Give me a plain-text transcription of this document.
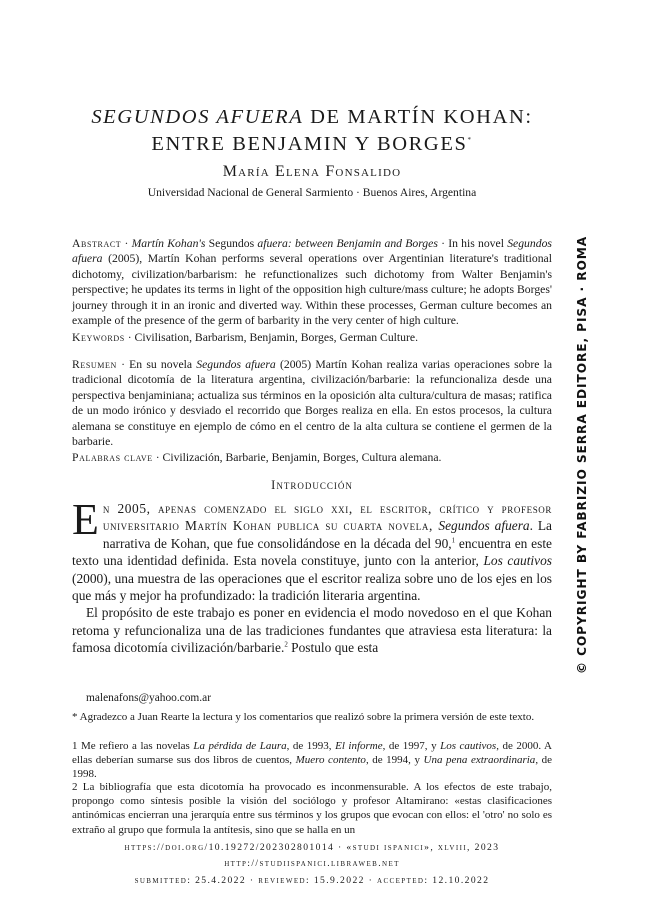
SEGUNDOS AFUERA DE MARTÍN KOHAN:
ENTRE BENJAMIN Y BORGES*
María Elena Fonsalido
Universidad Nacional de General Sarmiento · Buenos Aires, Argentina
Abstract · Martín Kohan's Segundos afuera: between Benjamin and Borges · In his novel Segundos afuera (2005), Martín Kohan performs several operations over Argentinian literature's traditional dichotomy, civilization/barbarism: he refunctionalizes such dichotomy from Walter Benjamin's perspective; he updates its terms in light of the opposition high culture/mass culture; he adopts Borges' journey through it in an ironic and diverted way. Within these processes, German culture becomes an example of the presence of the germ of barbarity in the very center of high culture.
Keywords · Civilisation, Barbarism, Benjamin, Borges, German Culture.
Resumen · En su novela Segundos afuera (2005) Martín Kohan realiza varias operaciones sobre la tradicional dicotomía de la literatura argentina, civilización/barbarie: la refuncionaliza desde una perspectiva benjaminiana; actualiza sus términos en la oposición alta cultura/cultura de masas; ratifica de un modo irónico y desviado el recorrido que Borges realiza en ella. En estos procesos, la cultura alemana se constituye en ejemplo de cómo en el centro de la alta cultura se contiene el germen de la barbarie.
Palabras clave · Civilización, Barbarie, Benjamin, Borges, Cultura alemana.
Introducción

En 2005, apenas comenzado el siglo xxi, el escritor, crítico y profesor universitario Martín Kohan publica su cuarta novela, Segundos afuera. La narrativa de Kohan, que fue consolidándose en la década del 90,$^1$ encuentra en este texto una identidad definida. Esta novela constituye, junto con la anterior, Los cautivos (2000), una muestra de las operaciones que el escritor realiza sobre uno de los ejes en los que más y mejor ha profundizado: la tradición literaria argentina.

El propósito de este trabajo es poner en evidencia el modo novedoso en el que Kohan retoma y refuncionaliza una de las tradiciones fundantes que atraviesa esta literatura: la famosa dicotomía civilización/barbarie.$^2$ Postulo que esta

malenafons@yahoo.com.ar
* Agradezco a Juan Rearte la lectura y los comentarios que realizó sobre la primera versión de este texto.
1 Me refiero a las novelas La pérdida de Laura, de 1993, El informe, de 1997, y Los cautivos, de 2000. A ellas deberían sumarse sus dos libros de cuentos, Muero contento, de 1994, y Una pena extraordinaria, de 1998.
2 La bibliografía que esta dicotomía ha provocado es inconmensurable. A los efectos de este trabajo, propongo como síntesis posible la visión del sociólogo y profesor Altamirano: «estas clasificaciones antinómicas encierran una jerarquía entre sus términos y los grupos que evocan con ellos: el 'otro' no solo es extraño al grupo que formula la antítesis, sino que se halla en un
https://doi.org/10.19272/202302801014 · «studi ispanici», xlviii, 2023
http://studiispanici.libraweb.net
submitted: 25.4.2022 · reviewed: 15.9.2022 · accepted: 12.10.2022
© COPYRIGHT BY FABRIZIO SERRA EDITORE, PISA · ROMA
